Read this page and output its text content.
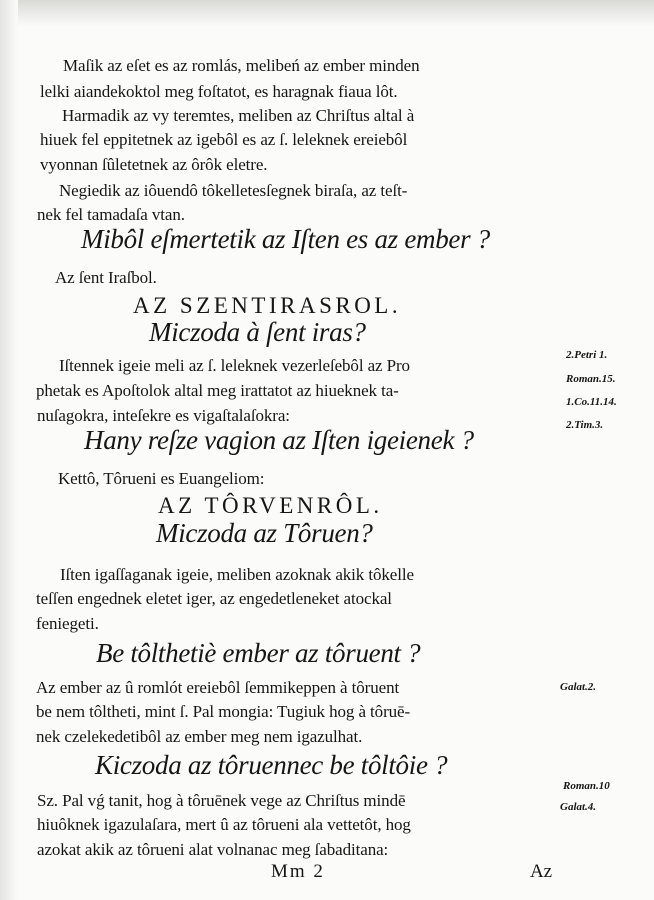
Maſik az eſet es az romlás, melibeń az ember minden
lelki aiandekoktol meg foſtatot, es haragnak fiaua lôt.
Harmadik az vy teremtes, meliben az Chriſtus altal à
hiuek fel eppitetnek az igebôl es az ſ. leleknek ereiebôl
vyonnan ſûletetnek az ôrôk eletre.
Negiedik az iôuendô tôkelletesſegnek biraſa, az teſt-
nek fel tamadaſa vtan.
Mibôl eſmertetik az Iſten es az ember ?
Az ſent Iraſbol.
AZ SZENTIRASROL.
Miczoda à ſent iras?
Iſtennek igeie meli az ſ. leleknek vezerleſebôl az Pro
phetak es Apoſtolok altal meg irattatot az hiueknek ta-
nuſagokra, inteſekre es vigaſtalaſokra:
Hany reſze vagion az Iſten igeienek ?
Kettô, Tôrueni es Euangeliom:
AZ TÔRVENRÔL.
Miczoda az Tôruen?
Iſten igaſſaganak igeie, meliben azoknak akik tôkelle
teſſen engednek eletet iger, az engedetleneket atockal
feniegeti.
Be tôlthetiè ember az tôruent ?
Az ember az û romlót ereiebôl ſemmikeppen à tôruent
be nem tôltheti, mint ſ. Pal mongia: Tugiuk hog à tôruē-
nek czelekedetibôl az ember meg nem igazulhat.
Kiczoda az tôruennec be tôltôie ?
Sz. Pal vǵ tanit, hog à tôruēnek vege az Chriſtus mindē
hiuôknek igazulaſara, mert û az tôrueni ala vettetôt, hog
azokat akik az tôrueni alat volnanac meg ſabaditana:
2.Petri 1.
Roman.15.
1.Co.11.14.
2.Tim.3.
Galat.2.
Roman.10
Galat.4.
Mm 2	Az
